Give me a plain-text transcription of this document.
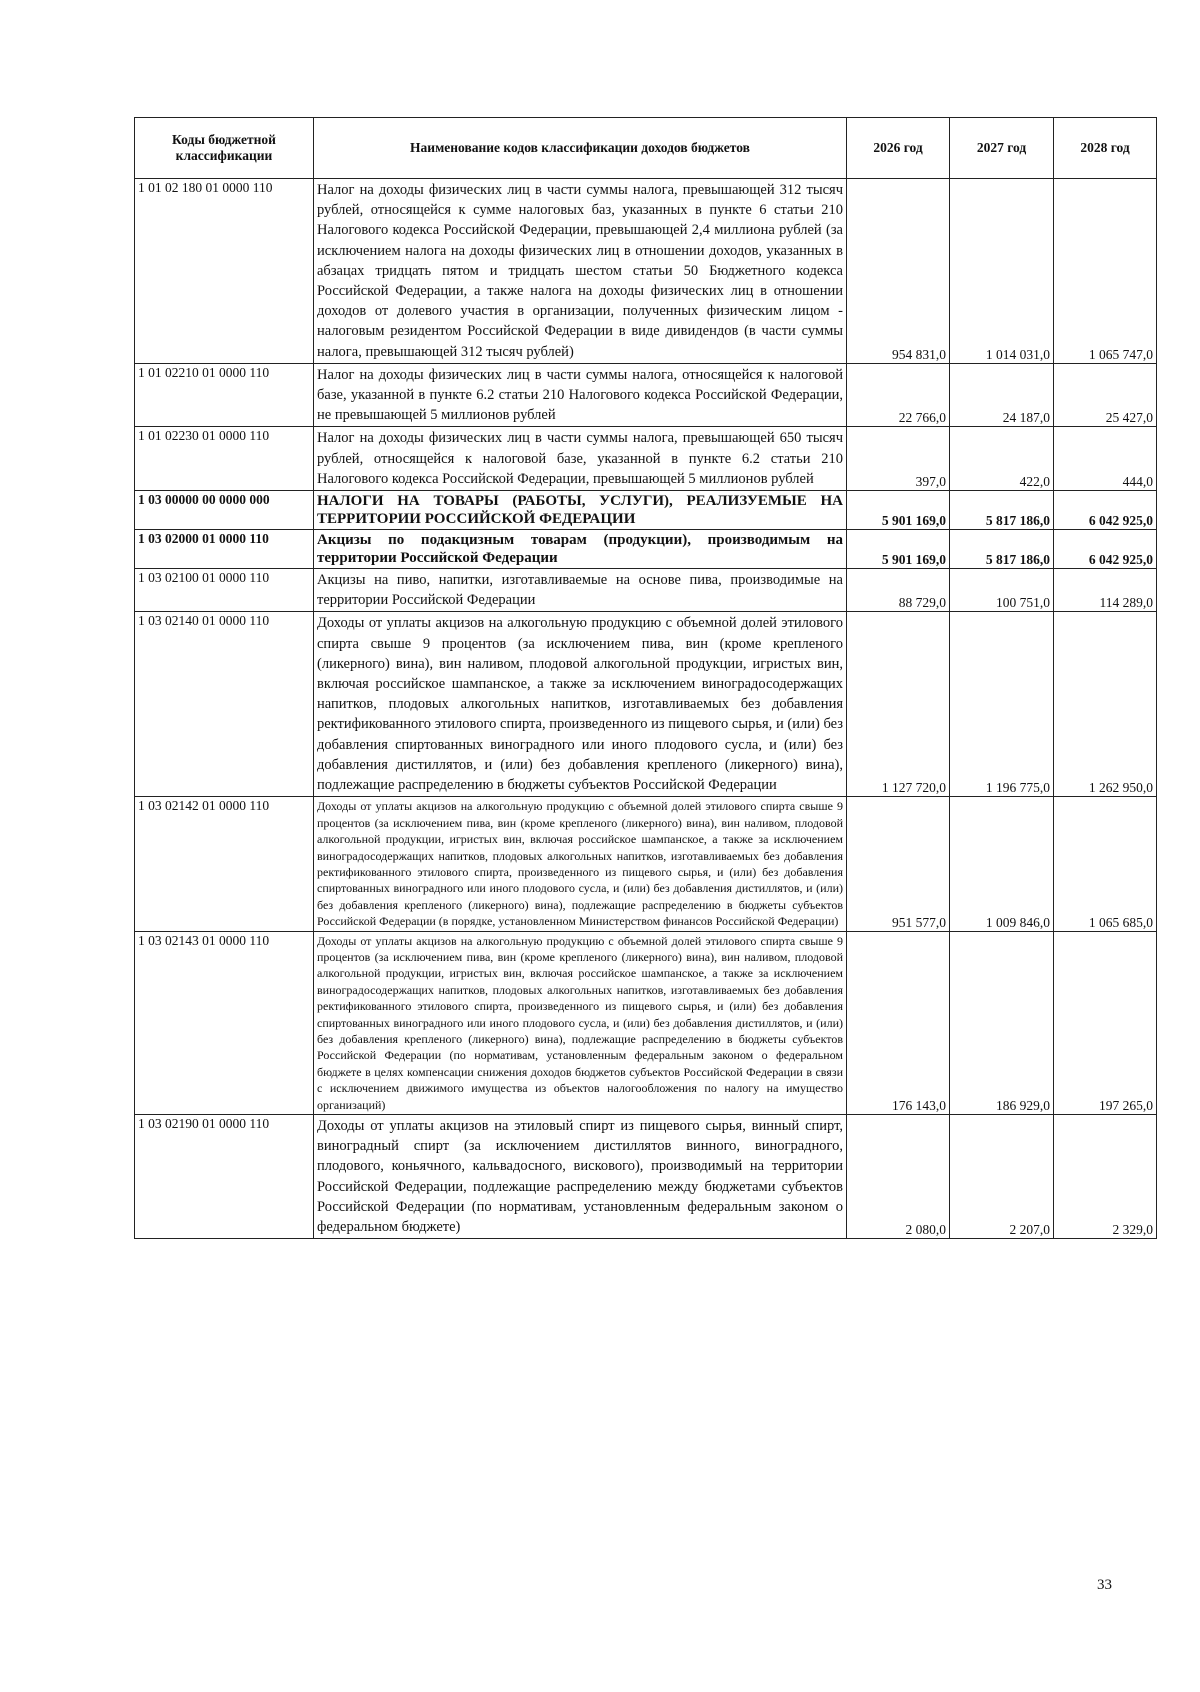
Коды бюджетной классификации	Наименование кодов классификации доходов бюджетов	2026 год	2027 год	2028 год
1 01 02 180 01 0000 110	Налог на доходы физических лиц в части суммы налога, превышающей 312 тысяч рублей, относящейся к сумме налоговых баз, указанных в пункте 6 статьи 210 Налогового кодекса Российской Федерации, превышающей 2,4 миллиона рублей (за исключением налога на доходы физических лиц в отношении доходов, указанных в абзацах тридцать пятом и тридцать шестом статьи 50 Бюджетного кодекса Российской Федерации, а также налога на доходы физических лиц в отношении доходов от долевого участия в организации, полученных физическим лицом - налоговым резидентом Российской Федерации в виде дивидендов (в части суммы налога, превышающей 312 тысяч рублей)	954 831,0	1 014 031,0	1 065 747,0
1 01 02210 01 0000 110	Налог на доходы физических лиц в части суммы налога, относящейся к налоговой базе, указанной в пункте 6.2 статьи 210 Налогового кодекса Российской Федерации, не превышающей 5 миллионов рублей	22 766,0	24 187,0	25 427,0
1 01 02230 01 0000 110	Налог на доходы физических лиц в части суммы налога, превышающей 650 тысяч рублей, относящейся к налоговой базе, указанной в пункте 6.2 статьи 210 Налогового кодекса Российской Федерации, превышающей 5 миллионов рублей	397,0	422,0	444,0
1 03 00000 00 0000 000	НАЛОГИ НА ТОВАРЫ (РАБОТЫ, УСЛУГИ), РЕАЛИЗУЕМЫЕ НА ТЕРРИТОРИИ РОССИЙСКОЙ ФЕДЕРАЦИИ	5 901 169,0	5 817 186,0	6 042 925,0
1 03 02000 01 0000 110	Акцизы по подакцизным товарам (продукции), производимым на территории Российской Федерации	5 901 169,0	5 817 186,0	6 042 925,0
1 03 02100 01 0000 110	Акцизы на пиво, напитки, изготавливаемые на основе пива, производимые на территории Российской Федерации	88 729,0	100 751,0	114 289,0
1 03 02140 01 0000 110	Доходы от уплаты акцизов на алкогольную продукцию с объемной долей этилового спирта свыше 9 процентов (за исключением пива, вин (кроме крепленого (ликерного) вина), вин наливом, плодовой алкогольной продукции, игристых вин, включая российское шампанское, а также за исключением виноградосодержащих напитков, плодовых алкогольных напитков, изготавливаемых без добавления ректификованного этилового спирта, произведенного из пищевого сырья, и (или) без добавления спиртованных виноградного или иного плодового сусла, и (или) без добавления дистиллятов, и (или) без добавления крепленого (ликерного) вина), подлежащие распределению в бюджеты субъектов Российской Федерации	1 127 720,0	1 196 775,0	1 262 950,0
1 03 02142 01 0000 110	Доходы от уплаты акцизов на алкогольную продукцию с объемной долей этилового спирта свыше 9 процентов (за исключением пива, вин (кроме крепленого (ликерного) вина), вин наливом, плодовой алкогольной продукции, игристых вин, включая российское шампанское, а также за исключением виноградосодержащих напитков, плодовых алкогольных напитков, изготавливаемых без добавления ректификованного этилового спирта, произведенного из пищевого сырья, и (или) без добавления спиртованных виноградного или иного плодового сусла, и (или) без добавления дистиллятов, и (или) без добавления крепленого (ликерного) вина), подлежащие распределению в бюджеты субъектов Российской Федерации (в порядке, установленном Министерством финансов Российской Федерации)	951 577,0	1 009 846,0	1 065 685,0
1 03 02143 01 0000 110	Доходы от уплаты акцизов на алкогольную продукцию с объемной долей этилового спирта свыше 9 процентов (за исключением пива, вин (кроме крепленого (ликерного) вина), вин наливом, плодовой алкогольной продукции, игристых вин, включая российское шампанское, а также за исключением виноградосодержащих напитков, плодовых алкогольных напитков, изготавливаемых без добавления ректификованного этилового спирта, произведенного из пищевого сырья, и (или) без добавления спиртованных виноградного или иного плодового сусла, и (или) без добавления дистиллятов, и (или) без добавления крепленого (ликерного) вина), подлежащие распределению в бюджеты субъектов Российской Федерации (по нормативам, установленным федеральным законом о федеральном бюджете в целях компенсации снижения доходов бюджетов субъектов Российской Федерации в связи с исключением движимого имущества из объектов налогообложения по налогу на имущество организаций)	176 143,0	186 929,0	197 265,0
1 03 02190 01 0000 110	Доходы от уплаты акцизов на этиловый спирт из пищевого сырья, винный спирт, виноградный спирт (за исключением дистиллятов винного, виноградного, плодового, коньячного, кальвадосного, вискового), производимый на территории Российской Федерации, подлежащие распределению между бюджетами субъектов Российской Федерации (по нормативам, установленным федеральным законом о федеральном бюджете)	2 080,0	2 207,0	2 329,0
33
